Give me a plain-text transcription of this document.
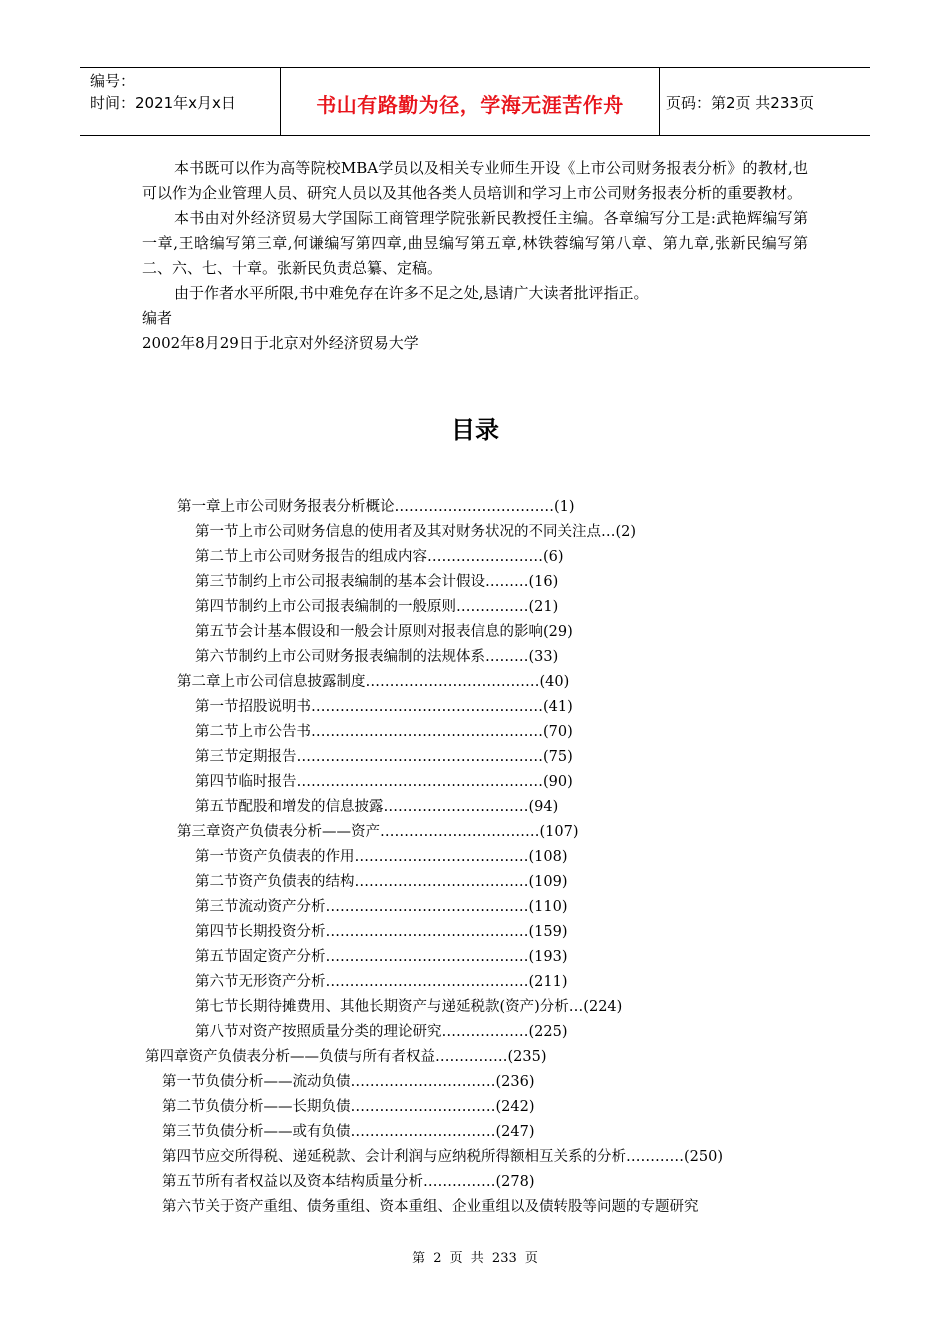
编号：
时间：2021年x月x日	书山有路勤为径，学海无涯苦作舟	页码：第2页 共233页

本书既可以作为高等院校MBA学员以及相关专业师生开设《上市公司财务报表分析》的教材,也可以作为企业管理人员、研究人员以及其他各类人员培训和学习上市公司财务报表分析的重要教材。

本书由对外经济贸易大学国际工商管理学院张新民教授任主编。各章编写分工是:武艳辉编写第一章,王晗编写第三章,何谦编写第四章,曲昱编写第五章,林铁蓉编写第八章、第九章,张新民编写第二、六、七、十章。张新民负责总纂、定稿。

由于作者水平所限,书中难免存在许多不足之处,恳请广大读者批评指正。

编者

2002年8月29日于北京对外经济贸易大学

目录
第一章上市公司财务报表分析概论……………………………(1)
第一节上市公司财务信息的使用者及其对财务状况的不同关注点…(2)
第二节上市公司财务报告的组成内容……………………(6)
第三节制约上市公司报表编制的基本会计假设………(16)
第四节制约上市公司报表编制的一般原则……………(21)
第五节会计基本假设和一般会计原则对报表信息的影响(29)
第六节制约上市公司财务报表编制的法规体系………(33)
第二章上市公司信息披露制度………………………………(40)
第一节招股说明书…………………………………………(41)
第二节上市公告书…………………………………………(70)
第三节定期报告……………………………………………(75)
第四节临时报告……………………………………………(90)
第五节配股和增发的信息披露…………………………(94)
第三章资产负债表分析——资产……………………………(107)
第一节资产负债表的作用………………………………(108)
第二节资产负债表的结构………………………………(109)
第三节流动资产分析……………………………………(110)
第四节长期投资分析……………………………………(159)
第五节固定资产分析……………………………………(193)
第六节无形资产分析……………………………………(211)
第七节长期待摊费用、其他长期资产与递延税款(资产)分析…(224)
第八节对资产按照质量分类的理论研究………………(225)
第四章资产负债表分析——负债与所有者权益……………(235)
第一节负债分析——流动负债…………………………(236)
第二节负债分析——长期负债…………………………(242)
第三节负债分析——或有负债…………………………(247)
第四节应交所得税、递延税款、会计利润与应纳税所得额相互关系的分析…………(250)
第五节所有者权益以及资本结构质量分析……………(278)
第六节关于资产重组、债务重组、资本重组、企业重组以及债转股等问题的专题研究
第 2 页 共 233 页
